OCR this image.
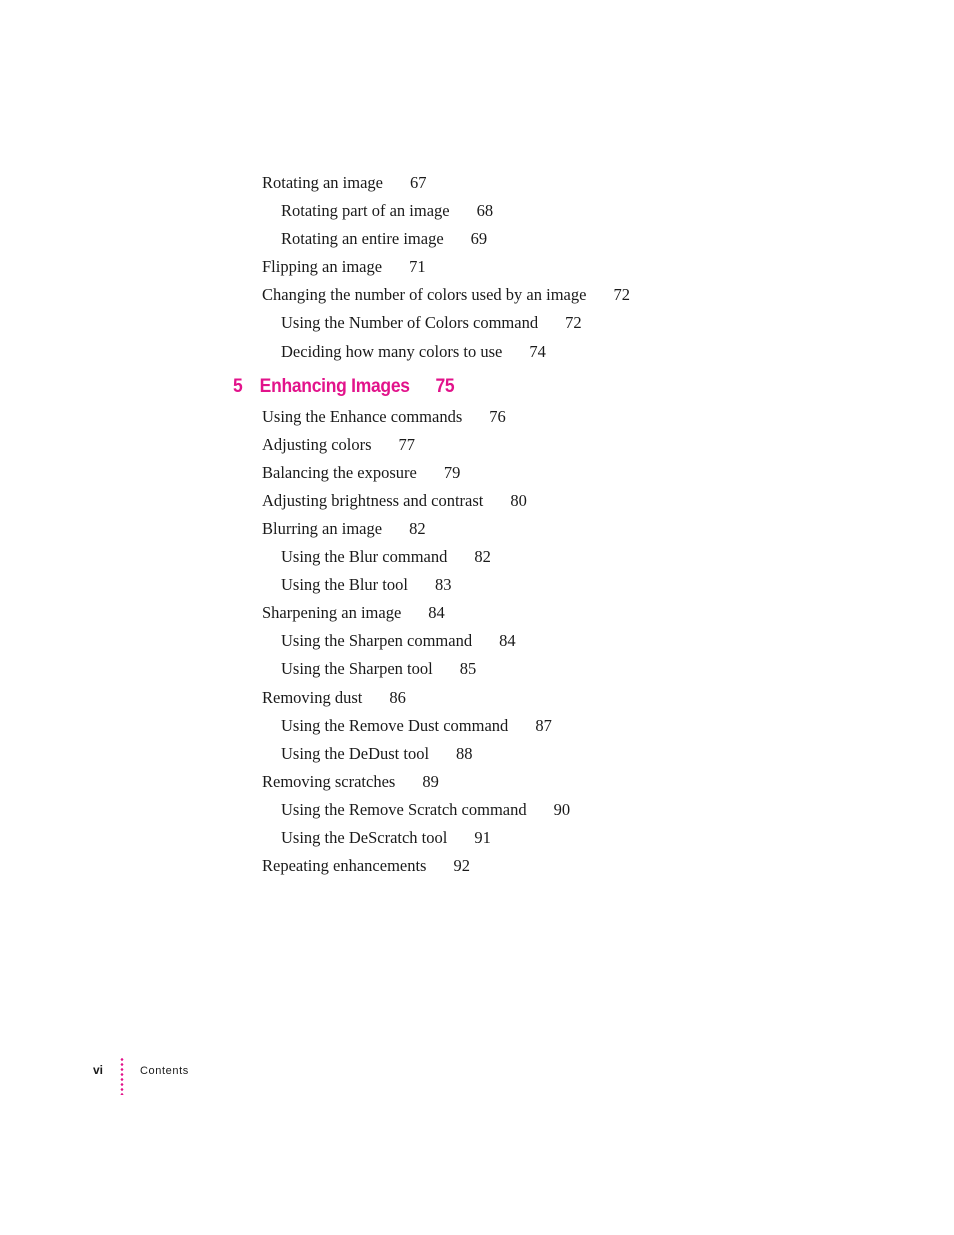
Rotating an image 67
Rotating part of an image 68
Rotating an entire image 69
Flipping an image 71
Changing the number of colors used by an image 72
Using the Number of Colors command 72
Deciding how many colors to use 74
5 Enhancing Images 75
Using the Enhance commands 76
Adjusting colors 77
Balancing the exposure 79
Adjusting brightness and contrast 80
Blurring an image 82
Using the Blur command 82
Using the Blur tool 83
Sharpening an image 84
Using the Sharpen command 84
Using the Sharpen tool 85
Removing dust 86
Using the Remove Dust command 87
Using the DeDust tool 88
Removing scratches 89
Using the Remove Scratch command 90
Using the DeScratch tool 91
Repeating enhancements 92
vi	Contents
